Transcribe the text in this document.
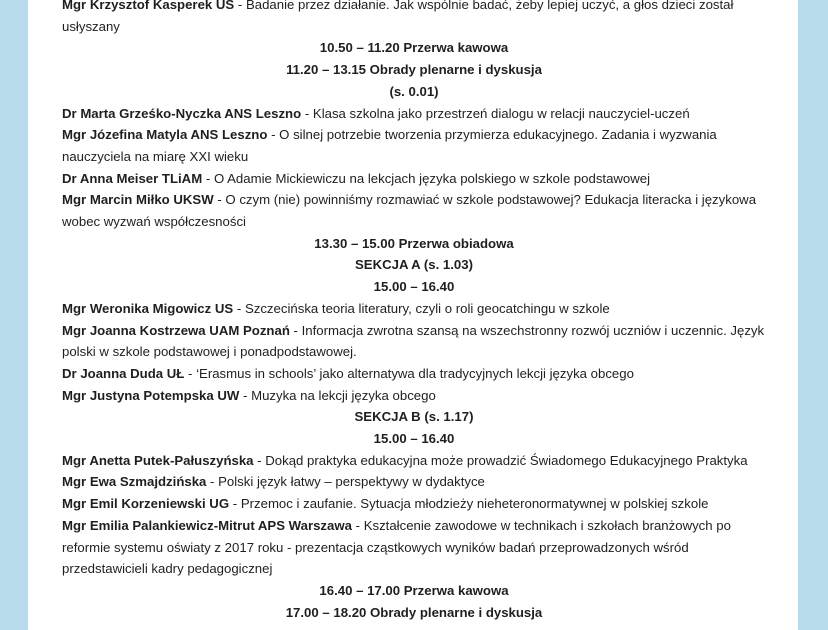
Mgr Krzysztof Kasperek US - Badanie przez działanie. Jak wspólnie badać, żeby lepiej uczyć, a głos dzieci został usłyszany

10.50 – 11.20 Przerwa kawowa

11.20 – 13.15 Obrady plenarne i dyskusja

(s. 0.01)

Dr Marta Grześko-Nyczka ANS Leszno - Klasa szkolna jako przestrzeń dialogu w relacji nauczyciel-uczeń

Mgr Józefina Matyla ANS Leszno - O silnej potrzebie tworzenia przymierza edukacyjnego. Zadania i wyzwania nauczyciela na miarę XXI wieku

Dr Anna Meiser TLiAM - O Adamie Mickiewiczu na lekcjach języka polskiego w szkole podstawowej

Mgr Marcin Miłko UKSW - O czym (nie) powinniśmy rozmawiać w szkole podstawowej? Edukacja literacka i językowa wobec wyzwań współczesności

13.30 – 15.00 Przerwa obiadowa

SEKCJA A (s. 1.03)

15.00 – 16.40

Mgr Weronika Migowicz US - Szczecińska teoria literatury, czyli o roli geocatchingu w szkole

Mgr Joanna Kostrzewa UAM Poznań - Informacja zwrotna szansą na wszechstronny rozwój uczniów i uczennic. Język polski w szkole podstawowej i ponadpodstawowej.

Dr Joanna Duda UŁ - ‘Erasmus in schools’ jako alternatywa dla tradycyjnych lekcji języka obcego

Mgr Justyna Potempska UW - Muzyka na lekcji języka obcego

SEKCJA B (s. 1.17)

15.00 – 16.40

Mgr Anetta Putek-Pałuszyńska - Dokąd praktyka edukacyjna może prowadzić Świadomego Edukacyjnego Praktyka

Mgr Ewa Szmajdzińska - Polski język łatwy – perspektywy w dydaktyce

Mgr Emil Korzeniewski UG - Przemoc i zaufanie. Sytuacja młodzieży nieheteronormatywnej w polskiej szkole

Mgr Emilia Palankiewicz-Mitrut APS Warszawa - Kształcenie zawodowe w technikach i szkołach branżowych po reformie systemu oświaty z 2017 roku - prezentacja cząstkowych wyników badań przeprowadzonych wśród przedstawicieli kadry pedagogicznej

16.40 – 17.00 Przerwa kawowa

17.00 – 18.20 Obrady plenarne i dyskusja
